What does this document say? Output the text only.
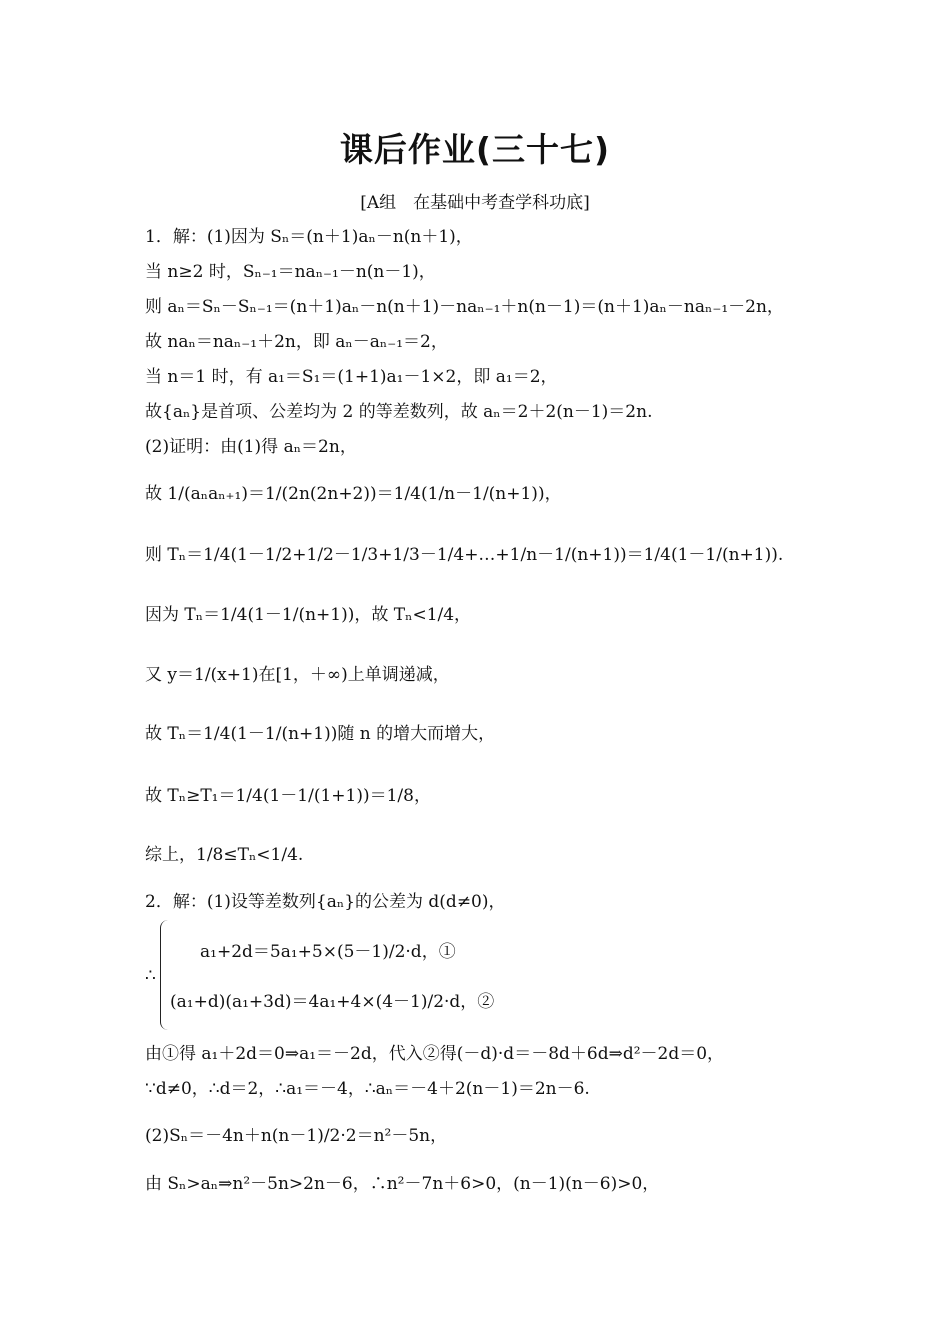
课后作业(三十七)
[A组　在基础中考查学科功底]
1．解：(1)因为 Sₙ＝(n＋1)aₙ－n(n＋1)，
当 n≥2 时，Sₙ₋₁＝naₙ₋₁－n(n－1)，
则 aₙ＝Sₙ－Sₙ₋₁＝(n＋1)aₙ－n(n＋1)－naₙ₋₁＋n(n－1)＝(n＋1)aₙ－naₙ₋₁－2n，
故 naₙ＝naₙ₋₁＋2n，即 aₙ－aₙ₋₁＝2，
当 n＝1 时，有 a₁＝S₁＝(1+1)a₁－1×2，即 a₁＝2，
故{aₙ}是首项、公差均为 2 的等差数列，故 aₙ＝2＋2(n－1)＝2n.
(2)证明：由(1)得 aₙ＝2n，
故 1/(aₙaₙ₊₁)＝1/(2n(2n+2))＝1/4(1/n－1/(n+1))，
则 Tₙ＝1/4(1－1/2+1/2－1/3+1/3－1/4+…+1/n－1/(n+1))＝1/4(1－1/(n+1)).
因为 Tₙ＝1/4(1－1/(n+1))，故 Tₙ<1/4，
又 y＝1/(x+1)在[1，＋∞)上单调递减，
故 Tₙ＝1/4(1－1/(n+1))随 n 的增大而增大，
故 Tₙ≥T₁＝1/4(1－1/(1+1))＝1/8，
综上，1/8≤Tₙ<1/4.
2．解：(1)设等差数列{aₙ}的公差为 d(d≠0)，
∴
a₁+2d＝5a₁+5×(5－1)/2·d，①
(a₁+d)(a₁+3d)＝4a₁+4×(4－1)/2·d，②
由①得 a₁＋2d＝0⇒a₁＝－2d，代入②得(－d)·d＝－8d＋6d⇒d²－2d＝0，
∵d≠0，∴d＝2，∴a₁＝－4，∴aₙ＝－4＋2(n－1)＝2n－6.
(2)Sₙ＝－4n＋n(n－1)/2·2＝n²－5n，
由 Sₙ>aₙ⇒n²－5n>2n－6，∴n²－7n＋6>0，(n－1)(n－6)>0，
